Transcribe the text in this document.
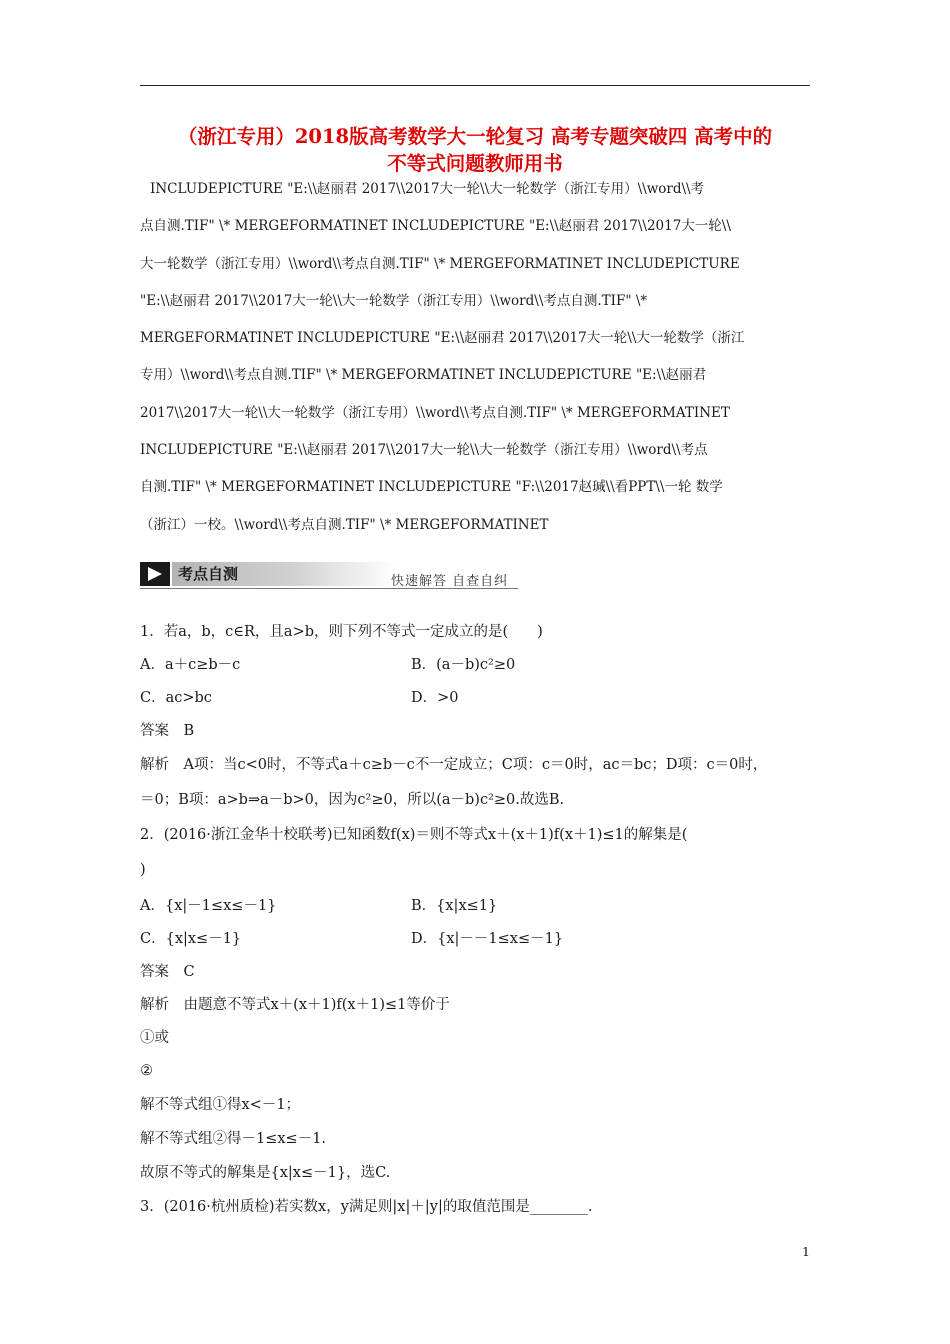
（浙江专用）2018版高考数学大一轮复习 高考专题突破四 高考中的
不等式问题教师用书
INCLUDEPICTURE "E:\\赵丽君 2017\\2017大一轮\\大一轮数学（浙江专用）\\word\\考
点自测.TIF" \* MERGEFORMATINET INCLUDEPICTURE "E:\\赵丽君 2017\\2017大一轮\\
大一轮数学（浙江专用）\\word\\考点自测.TIF" \* MERGEFORMATINET INCLUDEPICTURE
"E:\\赵丽君 2017\\2017大一轮\\大一轮数学（浙江专用）\\word\\考点自测.TIF" \*
MERGEFORMATINET INCLUDEPICTURE "E:\\赵丽君 2017\\2017大一轮\\大一轮数学（浙江
专用）\\word\\考点自测.TIF" \* MERGEFORMATINET INCLUDEPICTURE "E:\\赵丽君
2017\\2017大一轮\\大一轮数学（浙江专用）\\word\\考点自测.TIF" \* MERGEFORMATINET
INCLUDEPICTURE "E:\\赵丽君 2017\\2017大一轮\\大一轮数学（浙江专用）\\word\\考点
自测.TIF" \* MERGEFORMATINET INCLUDEPICTURE "F:\\2017赵瑊\\看PPT\\一轮 数学
（浙江）一校。\\word\\考点自测.TIF" \* MERGEFORMATINET
考点自测	快速解答 自查自纠
1．若a，b，c∈R，且a>b，则下列不等式一定成立的是(　　)
A．a＋c≥b－c	B．(a－b)c²≥0
C．ac>bc	D．>0
答案　B
解析　A项：当c<0时，不等式a＋c≥b－c不一定成立；C项：c＝0时，ac＝bc；D项：c＝0时，
＝0；B项：a>b⇒a－b>0，因为c²≥0，所以(a－b)c²≥0.故选B.
2．(2016·浙江金华十校联考)已知函数f(x)＝则不等式x＋(x＋1)f(x＋1)≤1的解集是(
)
A．{x|－1≤x≤－1}	B．{x|x≤1}
C．{x|x≤－1}	D．{x|－－1≤x≤－1}
答案　C
解析　由题意不等式x＋(x＋1)f(x＋1)≤1等价于
①或
②
解不等式组①得x<－1；
解不等式组②得－1≤x≤－1.
故原不等式的解集是{x|x≤－1}，选C.
3．(2016·杭州质检)若实数x，y满足则|x|＋|y|的取值范围是________.
1
